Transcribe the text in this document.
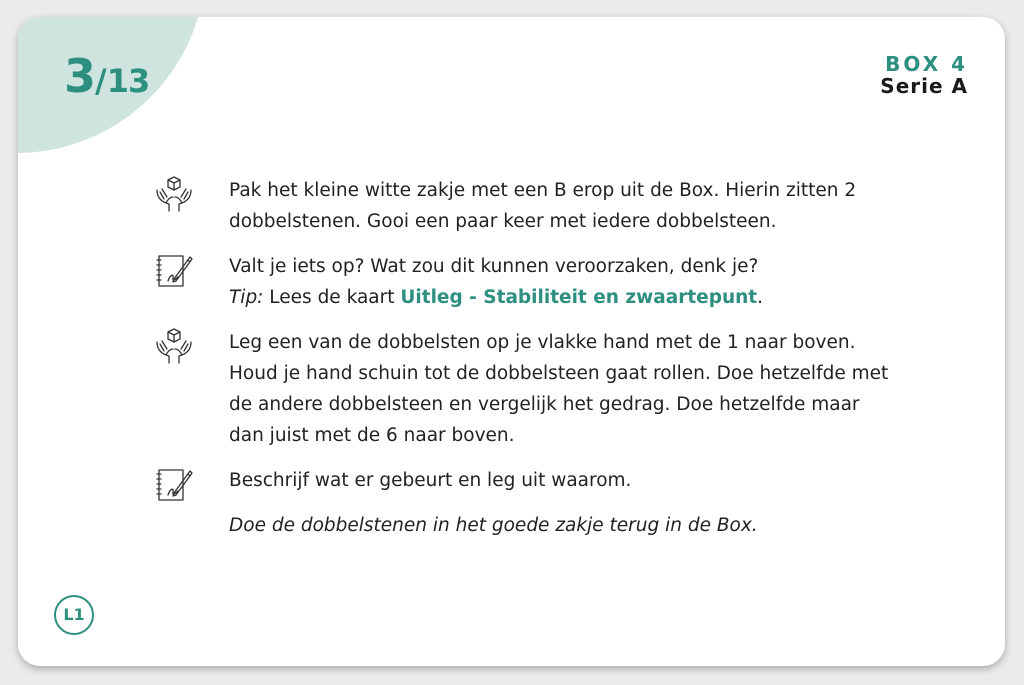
3/13	BOX 4
Serie A

Pak het kleine witte zakje met een B erop uit de Box. Hierin zitten 2 dobbelstenen. Gooi een paar keer met iedere dobbelsteen.

Valt je iets op? Wat zou dit kunnen veroorzaken, denk je?
Tip: Lees de kaart Uitleg - Stabiliteit en zwaartepunt.

Leg een van de dobbelsten op je vlakke hand met de 1 naar boven. Houd je hand schuin tot de dobbelsteen gaat rollen. Doe hetzelfde met de andere dobbelsteen en vergelijk het gedrag. Doe hetzelfde maar dan juist met de 6 naar boven.

Beschrijf wat er gebeurt en leg uit waarom.

Doe de dobbelstenen in het goede zakje terug in de Box.
L1
